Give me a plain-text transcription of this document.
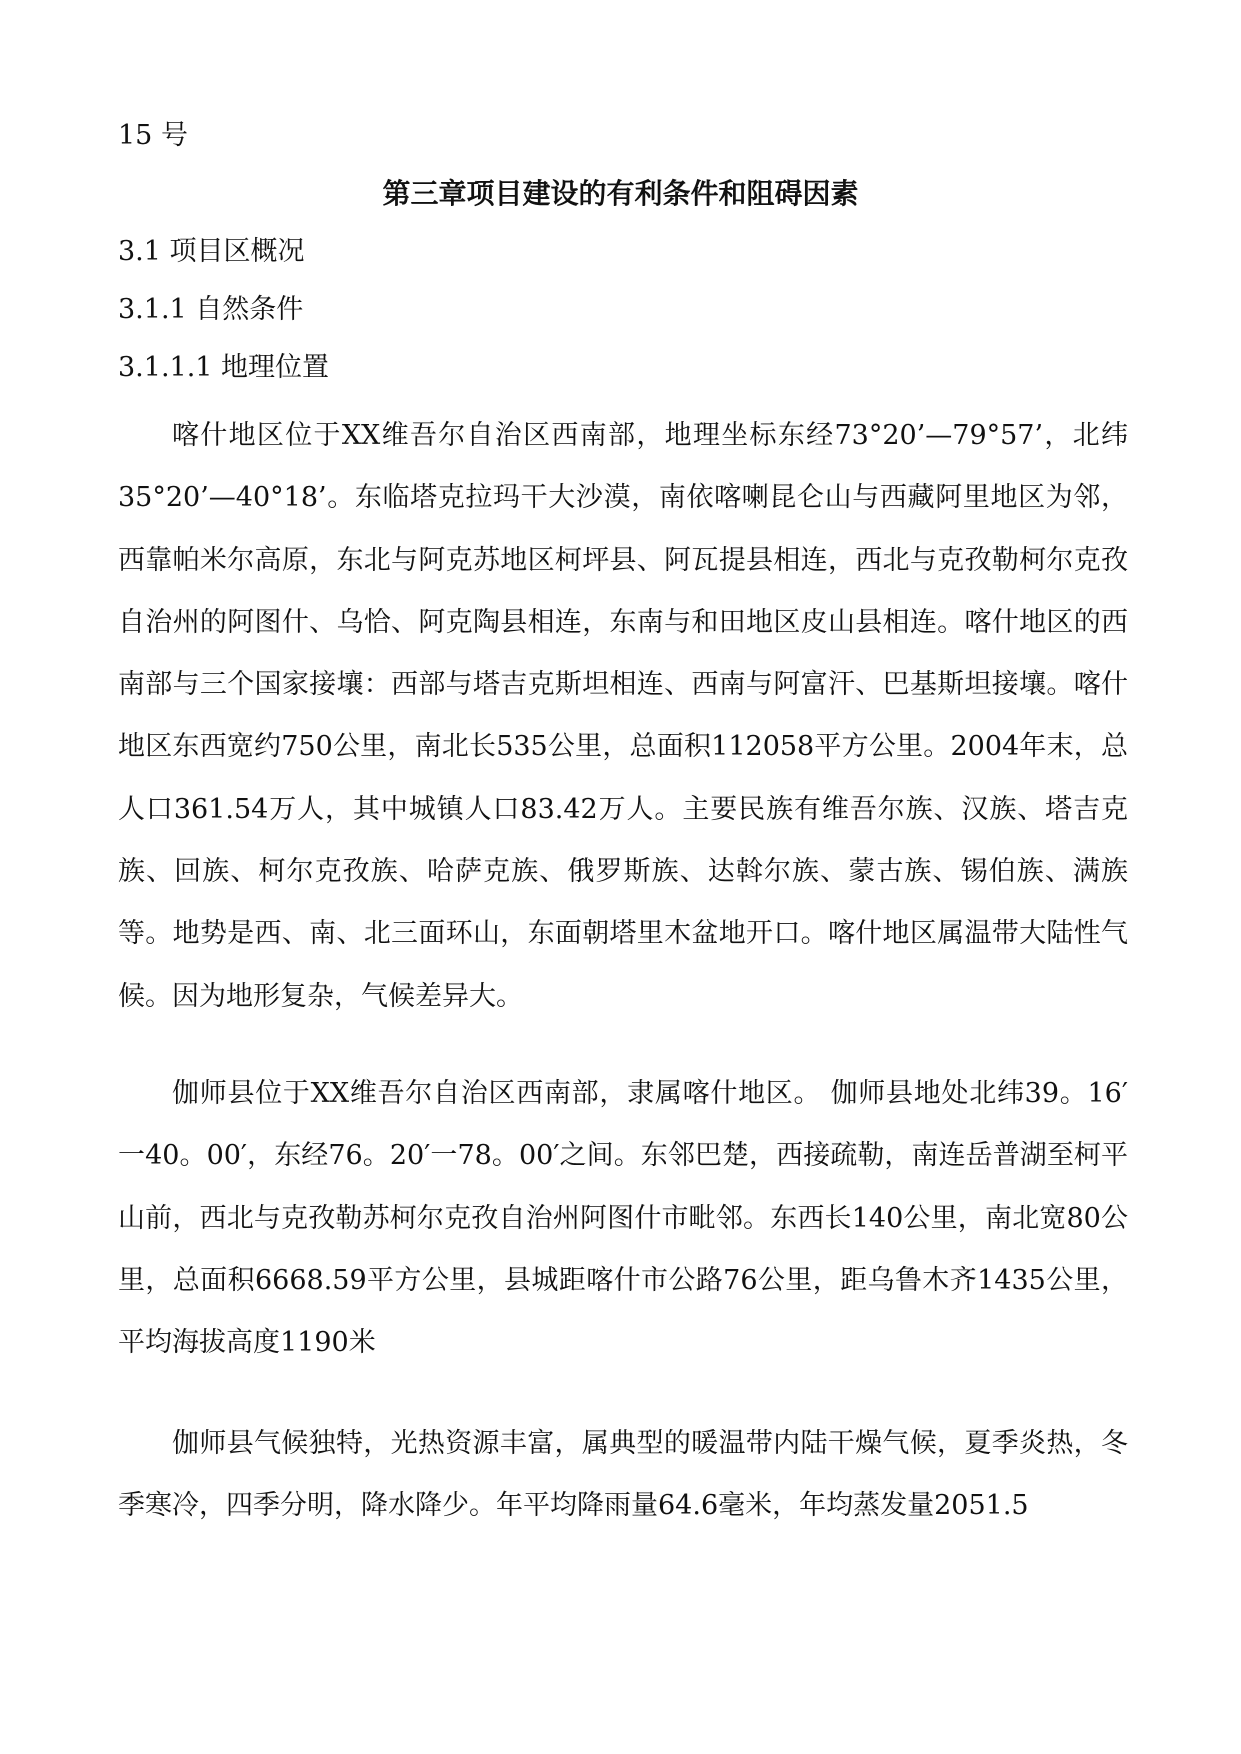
15 号
第三章项目建设的有利条件和阻碍因素
3.1 项目区概况
3.1.1 自然条件
3.1.1.1 地理位置

喀什地区位于XX维吾尔自治区西南部，地理坐标东经73°20’—79°57’，北纬35°20’—40°18’。东临塔克拉玛干大沙漠，南依喀喇昆仑山与西藏阿里地区为邻，西靠帕米尔高原，东北与阿克苏地区柯坪县、阿瓦提县相连，西北与克孜勒柯尔克孜自治州的阿图什、乌恰、阿克陶县相连，东南与和田地区皮山县相连。喀什地区的西南部与三个国家接壤：西部与塔吉克斯坦相连、西南与阿富汗、巴基斯坦接壤。喀什地区东西宽约750公里，南北长535公里，总面积112058平方公里。2004年末，总人口361.54万人，其中城镇人口83.42万人。主要民族有维吾尔族、汉族、塔吉克族、回族、柯尔克孜族、哈萨克族、俄罗斯族、达斡尔族、蒙古族、锡伯族、满族等。地势是西、南、北三面环山，东面朝塔里木盆地开口。喀什地区属温带大陆性气候。因为地形复杂，气候差异大。

伽师县位于XX维吾尔自治区西南部，隶属喀什地区。 伽师县地处北纬39。16′一40。00′，东经76。20′一78。00′之间。东邻巴楚，西接疏勒，南连岳普湖至柯平山前，西北与克孜勒苏柯尔克孜自治州阿图什市毗邻。东西长140公里，南北宽80公里，总面积6668.59平方公里，县城距喀什市公路76公里，距乌鲁木齐1435公里，平均海拔高度1190米

伽师县气候独特，光热资源丰富，属典型的暖温带内陆干燥气候，夏季炎热，冬季寒冷，四季分明，降水降少。年平均降雨量64.6毫米，年均蒸发量2051.5
